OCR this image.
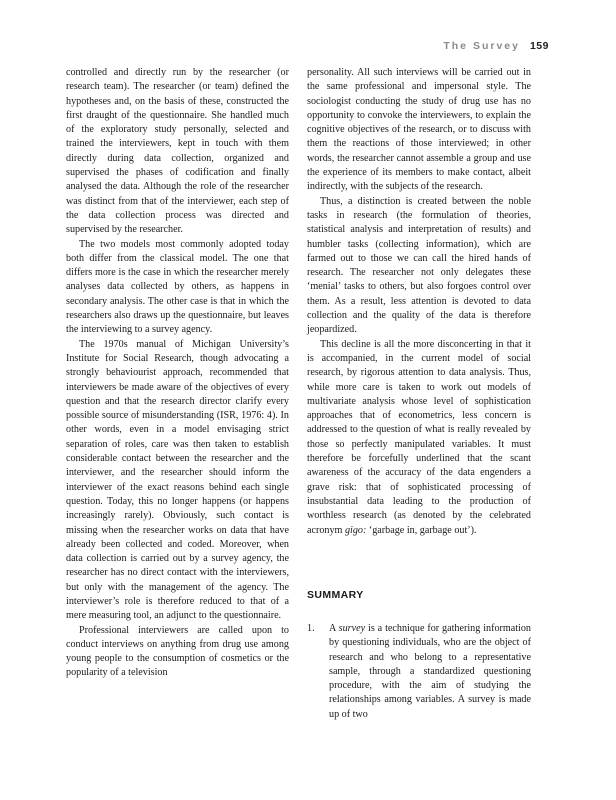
The Survey 159

controlled and directly run by the researcher (or research team). The researcher (or team) defined the hypotheses and, on the basis of these, constructed the first draught of the questionnaire. She handled much of the exploratory study personally, selected and trained the interviewers, kept in touch with them directly during data collection, organized and supervised the phases of codification and finally analysed the data. Although the role of the researcher was distinct from that of the interviewer, each step of the data collection process was directed and supervised by the researcher.

The two models most commonly adopted today both differ from the classical model. The one that differs more is the case in which the researcher merely analyses data collected by others, as happens in secondary analysis. The other case is that in which the researchers also draws up the questionnaire, but leaves the interviewing to a survey agency.

The 1970s manual of Michigan University’s Institute for Social Research, though advocating a strongly behaviourist approach, recommended that interviewers be made aware of the objectives of every question and that the research director clarify every possible source of misunderstanding (ISR, 1976: 4). In other words, even in a model envisaging strict separation of roles, care was then taken to establish considerable contact between the researcher and the interviewer, and the researcher should inform the interviewer of the exact reasons behind each single question. Today, this no longer happens (or happens increasingly rarely). Obviously, such contact is missing when the researcher works on data that have already been collected and coded. Moreover, when data collection is carried out by a survey agency, the researcher has no direct contact with the interviewers, but only with the management of the agency. The interviewer’s role is therefore reduced to that of a mere measuring tool, an adjunct to the questionnaire.

Professional interviewers are called upon to conduct interviews on anything from drug use among young people to the consumption of cosmetics or the popularity of a television

personality. All such interviews will be carried out in the same professional and impersonal style. The sociologist conducting the study of drug use has no opportunity to convoke the interviewers, to explain the cognitive objectives of the research, or to discuss with them the reactions of those interviewed; in other words, the researcher cannot assemble a group and use the experience of its members to make contact, albeit indirectly, with the subjects of the research.

Thus, a distinction is created between the noble tasks in research (the formulation of theories, statistical analysis and interpretation of results) and humbler tasks (collecting information), which are farmed out to those we can call the hired hands of research. The researcher not only delegates these ‘menial’ tasks to others, but also forgoes control over them. As a result, less attention is devoted to data collection and the quality of the data is therefore jeopardized.

This decline is all the more disconcerting in that it is accompanied, in the current model of social research, by rigorous attention to data analysis. Thus, while more care is taken to work out models of multivariate analysis whose level of sophistication approaches that of econometrics, less concern is addressed to the question of what is really revealed by those so perfectly manipulated variables. It must therefore be forcefully underlined that the scant awareness of the accuracy of the data engenders a grave risk: that of sophisticated processing of insubstantial data leading to the production of worthless research (as denoted by the celebrated acronym gigo: ‘garbage in, garbage out’).

SUMMARY
1. A survey is a technique for gathering information by questioning individuals, who are the object of research and who belong to a representative sample, through a standardized questioning procedure, with the aim of studying the relationships among variables. A survey is made up of two
